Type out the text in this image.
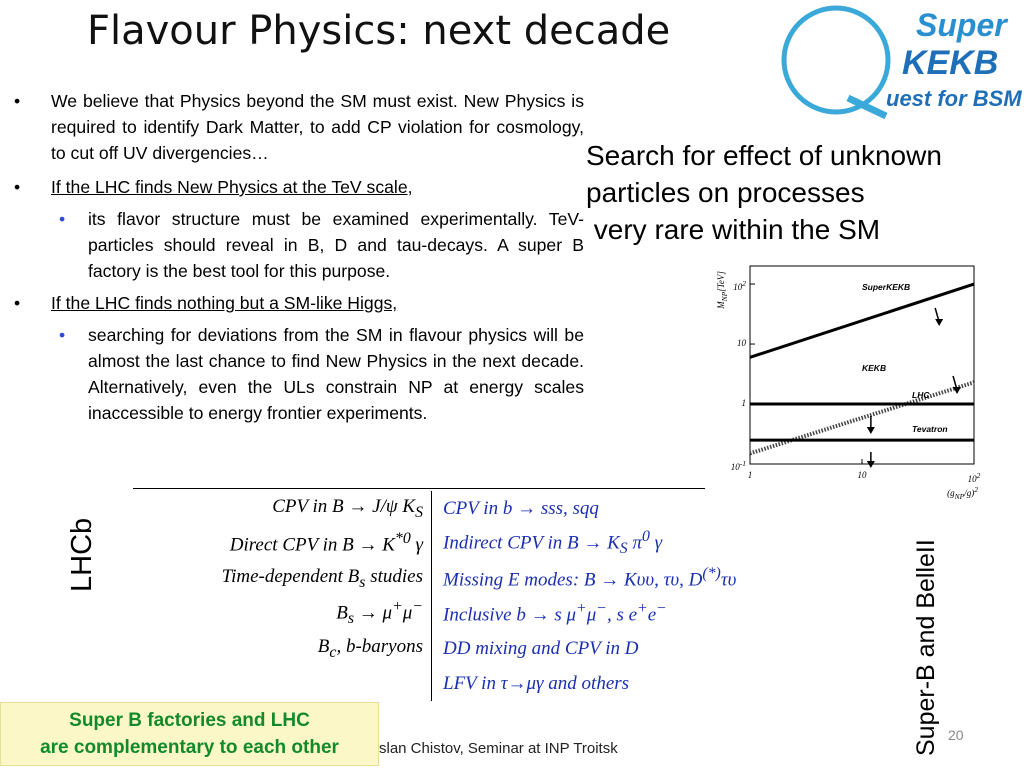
Flavour Physics: next decade	Super
KEKB
uest for BSM
• We believe that Physics beyond the SM must exist. New Physics is required to identify Dark Matter, to add CP violation for cosmology, to cut off UV divergencies…
• If the LHC finds New Physics at the TeV scale,
• its flavor structure must be examined experimentally. TeV-particles should reveal in B, D and tau-decays. A super B factory is the best tool for this purpose.
• If the LHC finds nothing but a SM-like Higgs,
• searching for deviations from the SM in flavour physics will be almost the last chance to find New Physics in the next decade. Alternatively, even the ULs constrain NP at energy scales inaccessible to energy frontier experiments.
Search for effect of unknown
particles on processes
very rare within the SM
SuperKEKB
KEKB
LHC
Tevatron
$10^{-1}$
1
10
$10^2$
1	10	$10^2$
$M_{NP}[TeV]$
$(g_{NP}/g)^2$
CPV in B → J/ψ $K_S$	CPV in b → sss, sqq
Direct CPV in $B \to K^{*0}$ γ	Indirect CPV in $B \to K_S$ $\pi^0$ γ
Time-dependent $B_s$ studies	Missing E modes: B → Kυυ, τυ, D(*)τυ
$B_s \to \mu^+\mu^-$	Inclusive b → s μ+μ−, s e+e−
$B_c$, b-baryons	DD mixing and CPV in D
	LFV in τ→μγ and others
LHCb	Super-B and BelleII
Super B factories and LHC
are complementary to each other	slan Chistov, Seminar at INP Troitsk
20
